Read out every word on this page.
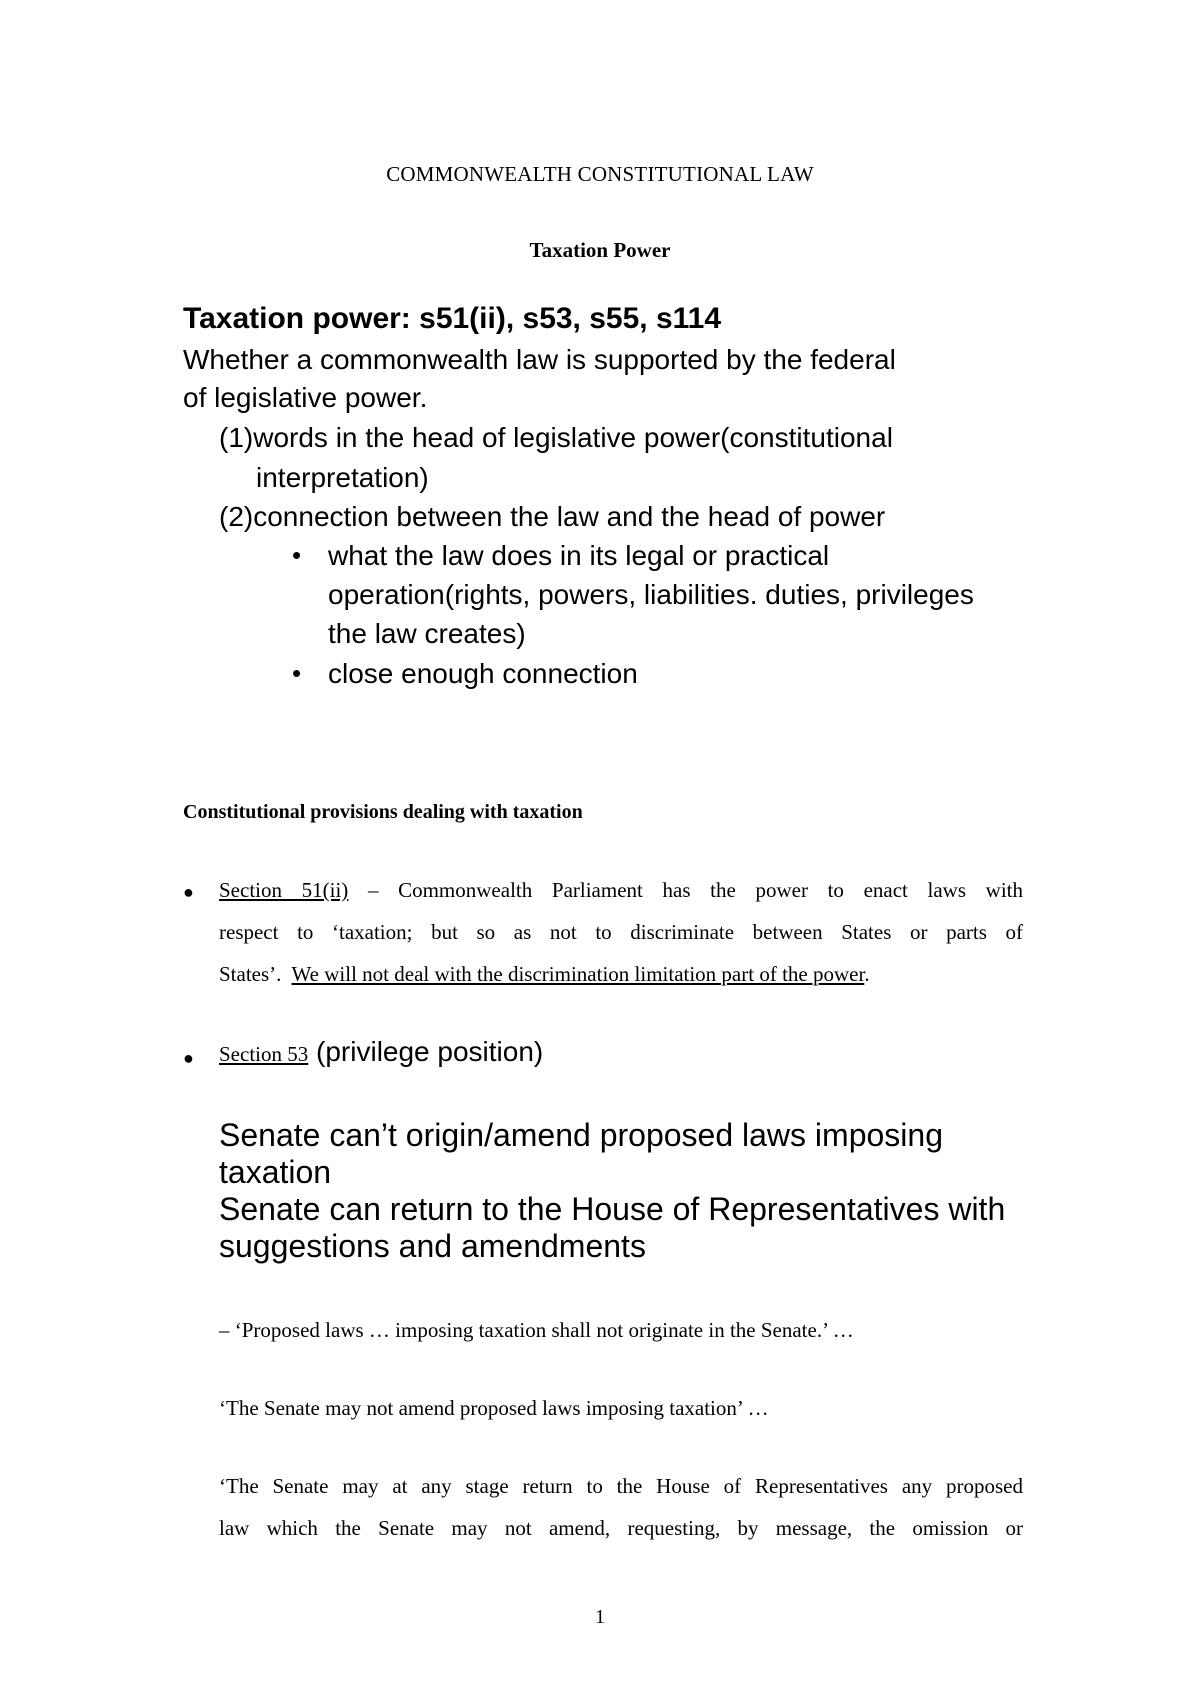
COMMONWEALTH CONSTITUTIONAL LAW
Taxation Power
Taxation power: s51(ii), s53, s55, s114
Whether a commonwealth law is supported by the federal
of legislative power.
(1)words in the head of legislative power(constitutional
interpretation)
(2)connection between the law and the head of power
• what the law does in its legal or practical
operation(rights, powers, liabilities. duties, privileges
the law creates)
• close enough connection
Constitutional provisions dealing with taxation
● Section 51(ii) – Commonwealth Parliament has the power to enact laws with
respect to ‘taxation; but so as not to discriminate between States or parts of
States’.  We will not deal with the discrimination limitation part of the power.
● Section 53 (privilege position)
Senate can’t origin/amend proposed laws imposing
taxation
Senate can return to the House of Representatives with
suggestions and amendments
– ‘Proposed laws … imposing taxation shall not originate in the Senate.’ …
‘The Senate may not amend proposed laws imposing taxation’ …
‘The Senate may at any stage return to the House of Representatives any proposed
law which the Senate may not amend, requesting, by message, the omission or
1
